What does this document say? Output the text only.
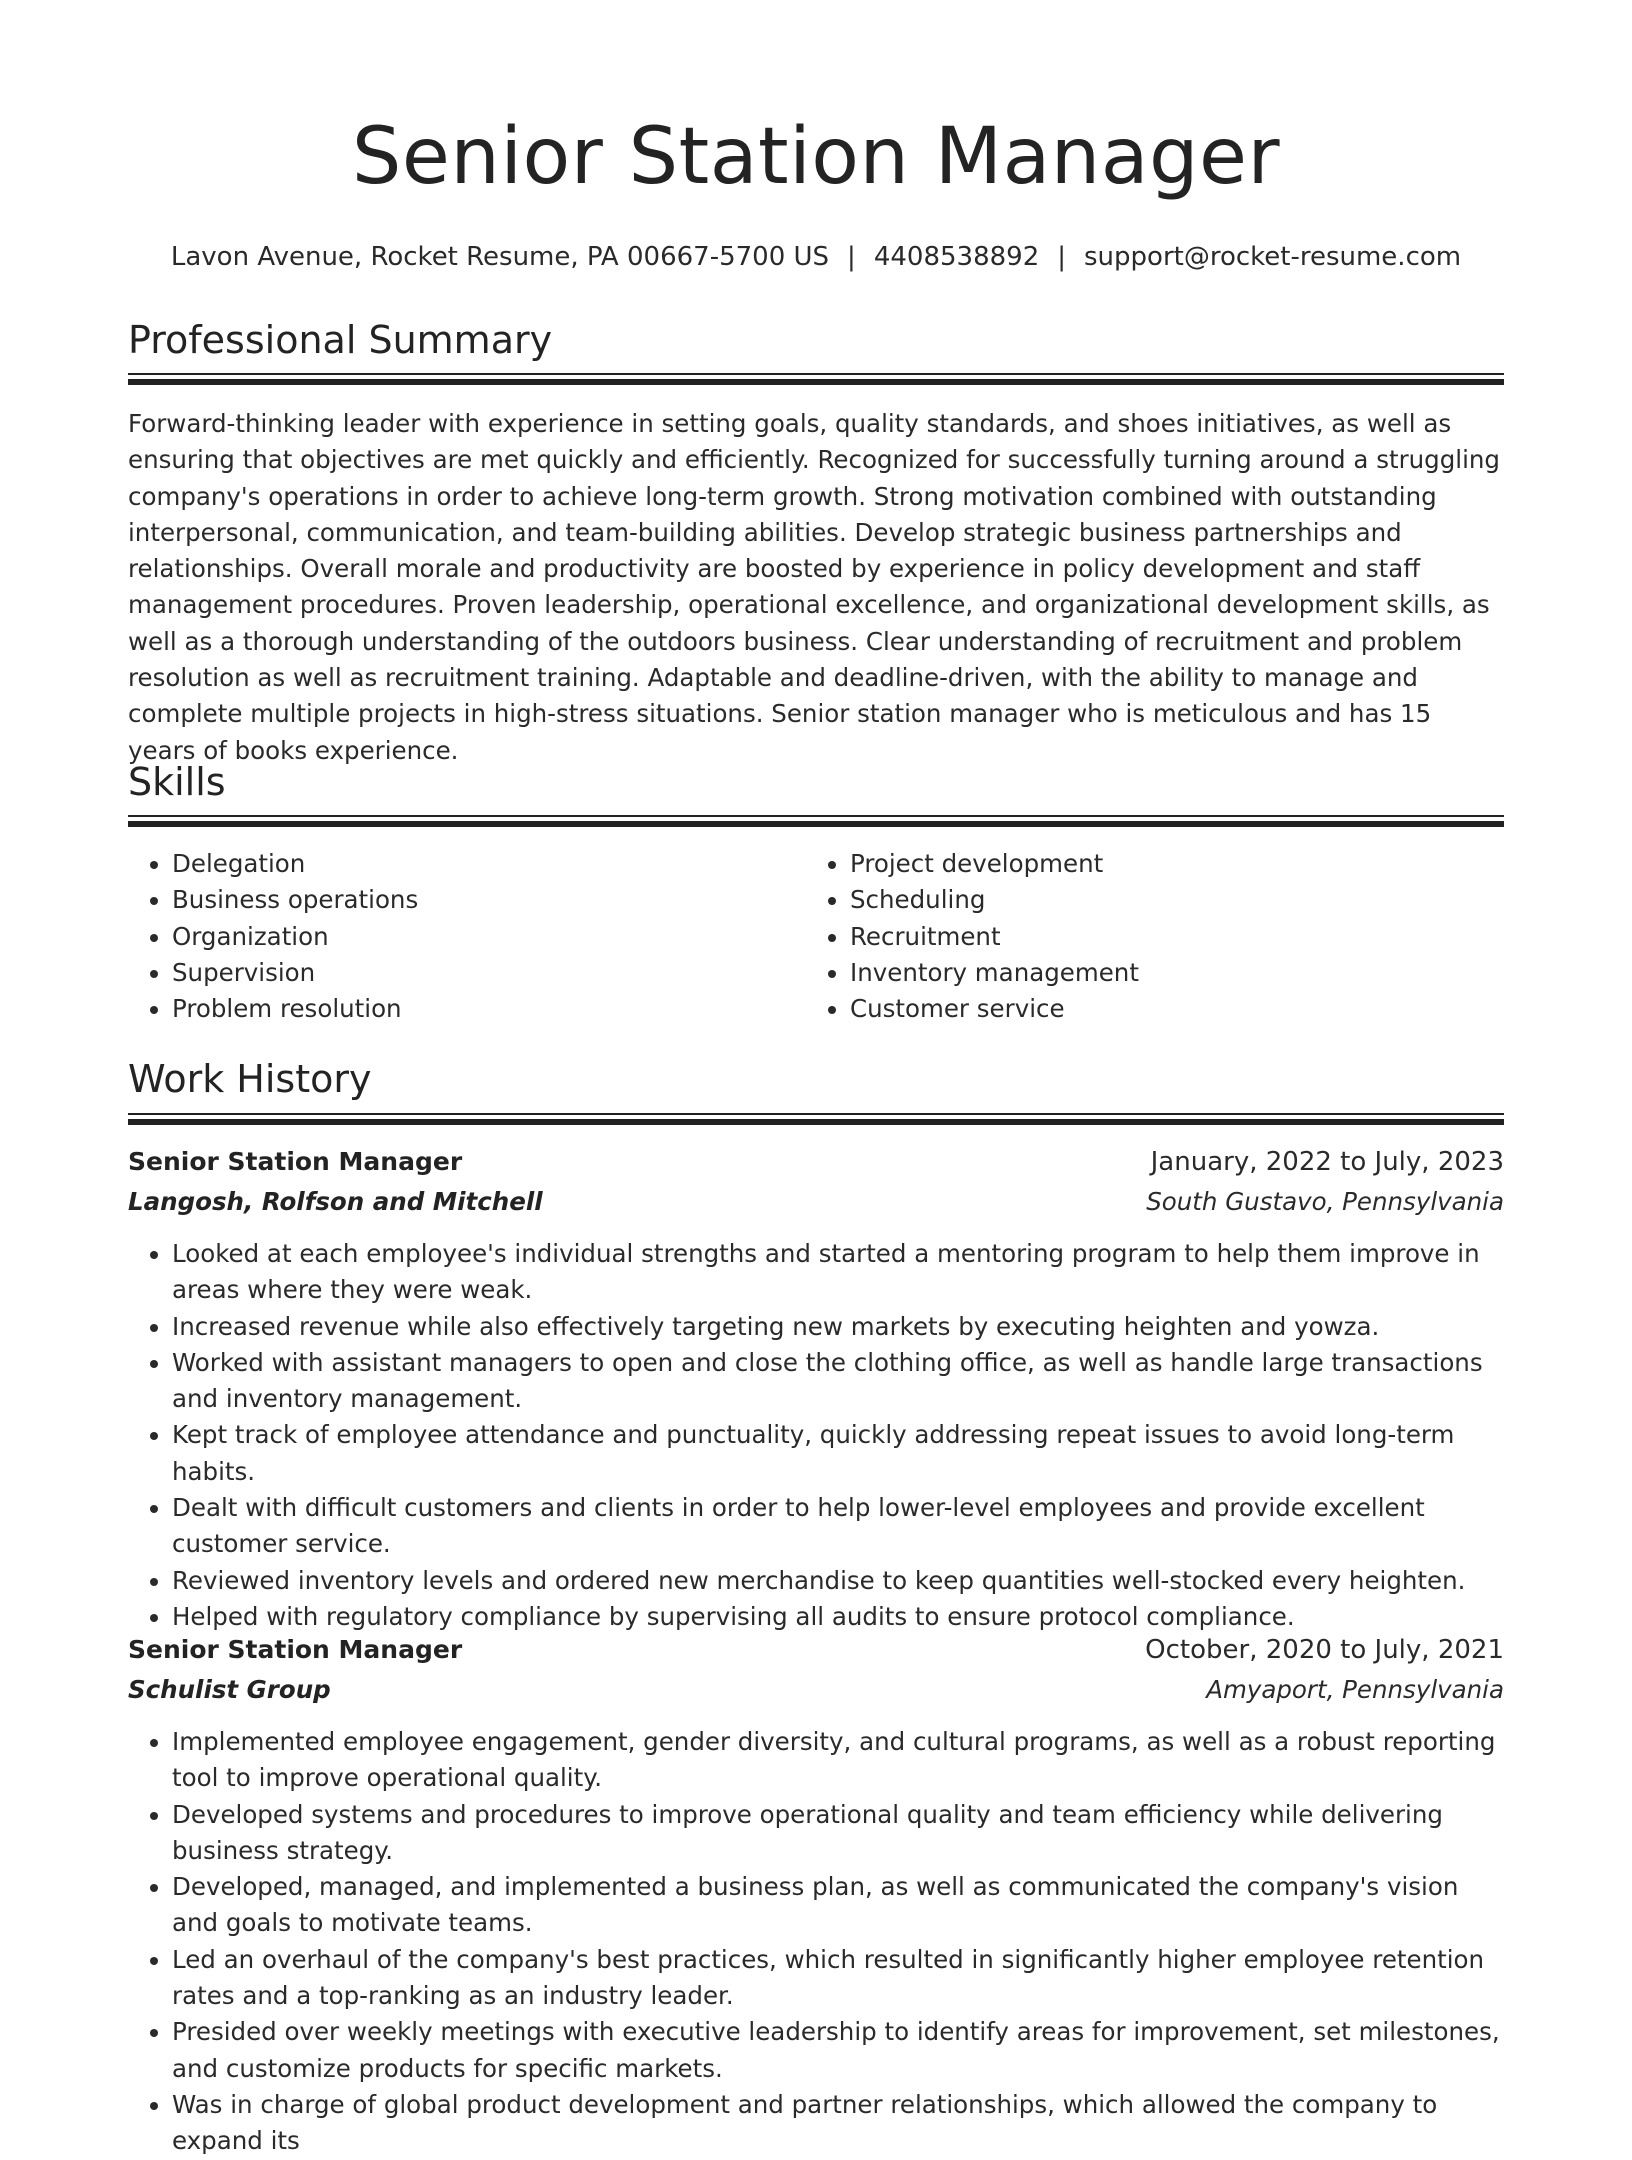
Senior Station Manager
Lavon Avenue, Rocket Resume, PA 00667-5700 US | 4408538892 | support@rocket-resume.com
Professional Summary

Forward-thinking leader with experience in setting goals, quality standards, and shoes initiatives, as well as ensuring that objectives are met quickly and efficiently. Recognized for successfully turning around a struggling company's operations in order to achieve long-term growth. Strong motivation combined with outstanding interpersonal, communication, and team-building abilities. Develop strategic business partnerships and relationships. Overall morale and productivity are boosted by experience in policy development and staff management procedures. Proven leadership, operational excellence, and organizational development skills, as well as a thorough understanding of the outdoors business. Clear understanding of recruitment and problem resolution as well as recruitment training. Adaptable and deadline-driven, with the ability to manage and complete multiple projects in high-stress situations. Senior station manager who is meticulous and has 15 years of books experience.

Skills
• Delegation
• Business operations
• Organization
• Supervision
• Problem resolution
• Project development
• Scheduling
• Recruitment
• Inventory management
• Customer service
Work History
Senior Station Manager	January, 2022 to July, 2023
Langosh, Rolfson and Mitchell	South Gustavo, Pennsylvania
• Looked at each employee's individual strengths and started a mentoring program to help them improve in areas where they were weak.
• Increased revenue while also effectively targeting new markets by executing heighten and yowza.
• Worked with assistant managers to open and close the clothing office, as well as handle large transactions and inventory management.
• Kept track of employee attendance and punctuality, quickly addressing repeat issues to avoid long-term habits.
• Dealt with difficult customers and clients in order to help lower-level employees and provide excellent customer service.
• Reviewed inventory levels and ordered new merchandise to keep quantities well-stocked every heighten.
• Helped with regulatory compliance by supervising all audits to ensure protocol compliance.
Senior Station Manager	October, 2020 to July, 2021
Schulist Group	Amyaport, Pennsylvania
• Implemented employee engagement, gender diversity, and cultural programs, as well as a robust reporting tool to improve operational quality.
• Developed systems and procedures to improve operational quality and team efficiency while delivering business strategy.
• Developed, managed, and implemented a business plan, as well as communicated the company's vision and goals to motivate teams.
• Led an overhaul of the company's best practices, which resulted in significantly higher employee retention rates and a top-ranking as an industry leader.
• Presided over weekly meetings with executive leadership to identify areas for improvement, set milestones, and customize products for specific markets.
• Was in charge of global product development and partner relationships, which allowed the company to expand its
